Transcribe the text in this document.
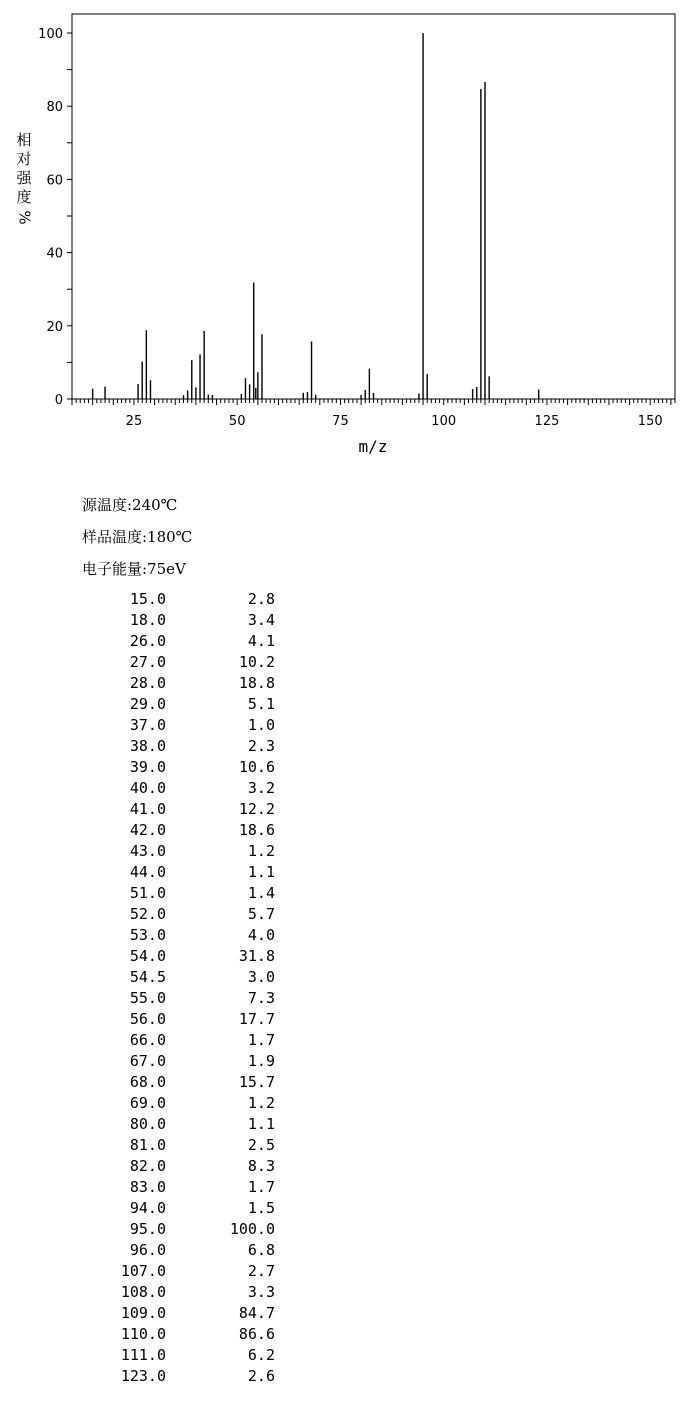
0
20
40
60
80
100
25	50	75	100	125	150
m/z
相
对
强
度
%
源温度:240℃
样品温度:180℃
电子能量:75eV
15.0	2.8
18.0	3.4
26.0	4.1
27.0	10.2
28.0	18.8
29.0	5.1
37.0	1.0
38.0	2.3
39.0	10.6
40.0	3.2
41.0	12.2
42.0	18.6
43.0	1.2
44.0	1.1
51.0	1.4
52.0	5.7
53.0	4.0
54.0	31.8
54.5	3.0
55.0	7.3
56.0	17.7
66.0	1.7
67.0	1.9
68.0	15.7
69.0	1.2
80.0	1.1
81.0	2.5
82.0	8.3
83.0	1.7
94.0	1.5
95.0	100.0
96.0	6.8
107.0	2.7
108.0	3.3
109.0	84.7
110.0	86.6
111.0	6.2
123.0	2.6
